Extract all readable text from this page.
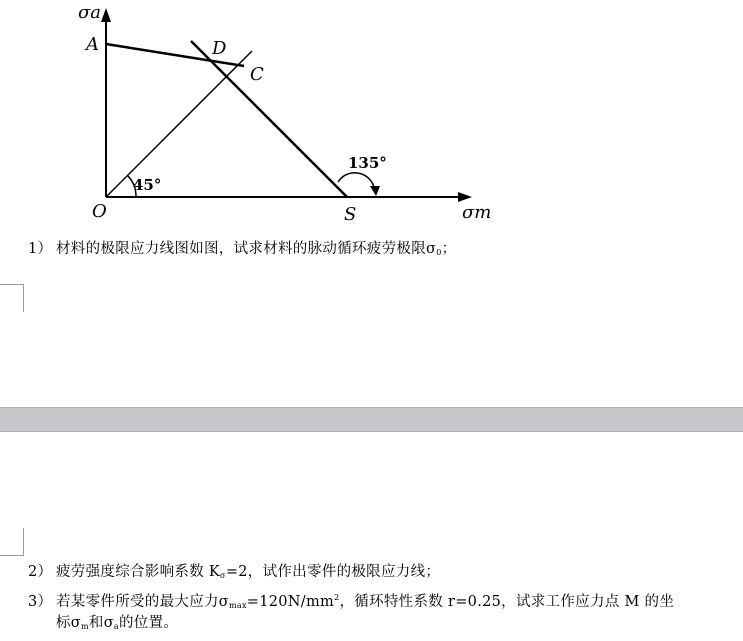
σa
σm
O
A	D
C
S
45°
135°
1） 材料的极限应力线图如图，试求材料的脉动循环疲劳极限$\sigma_0$；
2） 疲劳强度综合影响系数 $K_\sigma=2$，试作出零件的极限应力线；
3） 若某零件所受的最大应力$\sigma_{max}=120N/mm^2$，循环特性系数 r=0.25，试求工作应力点 M 的坐
标$\sigma_m$和$\sigma_a$的位置。
